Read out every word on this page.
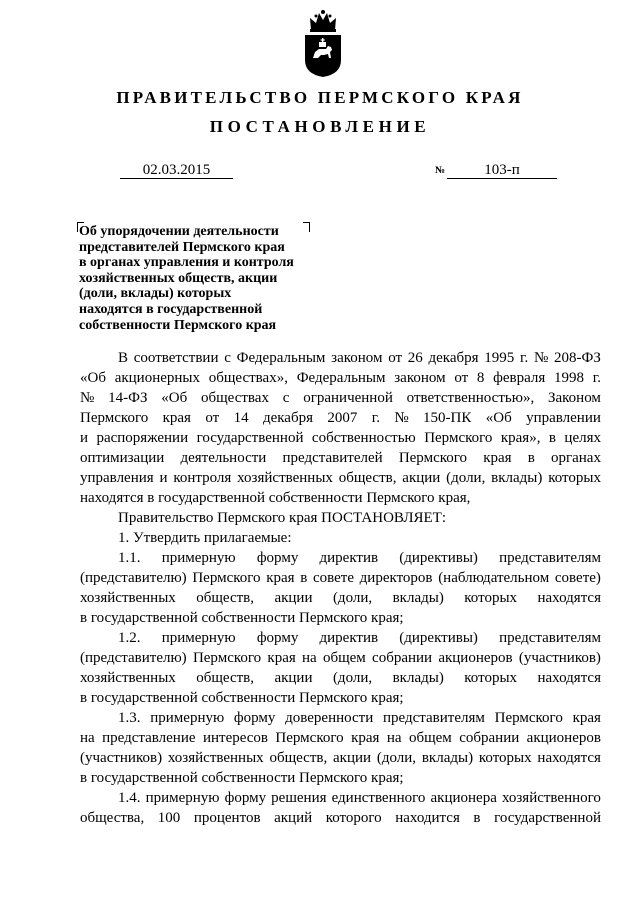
ПРАВИТЕЛЬСТВО ПЕРМСКОГО КРАЯ
ПОСТАНОВЛЕНИЕ
02.03.2015	№	103-п
Об упорядочении деятельности
представителей Пермского края
в органах управления и контроля
хозяйственных обществ, акции
(доли, вклады) которых
находятся в государственной
собственности Пермского края
В соответствии с Федеральным законом от 26 декабря 1995 г. № 208-ФЗ
«Об акционерных обществах», Федеральным законом от 8 февраля 1998 г.
№ 14-ФЗ «Об обществах с ограниченной ответственностью», Законом
Пермского края от 14 декабря 2007 г. № 150-ПК «Об управлении
и распоряжении государственной собственностью Пермского края», в целях
оптимизации деятельности представителей Пермского края в органах
управления и контроля хозяйственных обществ, акции (доли, вклады) которых
находятся в государственной собственности Пермского края,
Правительство Пермского края ПОСТАНОВЛЯЕТ:
1. Утвердить прилагаемые:
1.1. примерную форму директив (директивы) представителям
(представителю) Пермского края в совете директоров (наблюдательном совете)
хозяйственных обществ, акции (доли, вклады) которых находятся
в государственной собственности Пермского края;
1.2. примерную форму директив (директивы) представителям
(представителю) Пермского края на общем собрании акционеров (участников)
хозяйственных обществ, акции (доли, вклады) которых находятся
в государственной собственности Пермского края;
1.3. примерную форму доверенности представителям Пермского края
на представление интересов Пермского края на общем собрании акционеров
(участников) хозяйственных обществ, акции (доли, вклады) которых находятся
в государственной собственности Пермского края;
1.4. примерную форму решения единственного акционера хозяйственного
общества, 100 процентов акций которого находится в государственной
